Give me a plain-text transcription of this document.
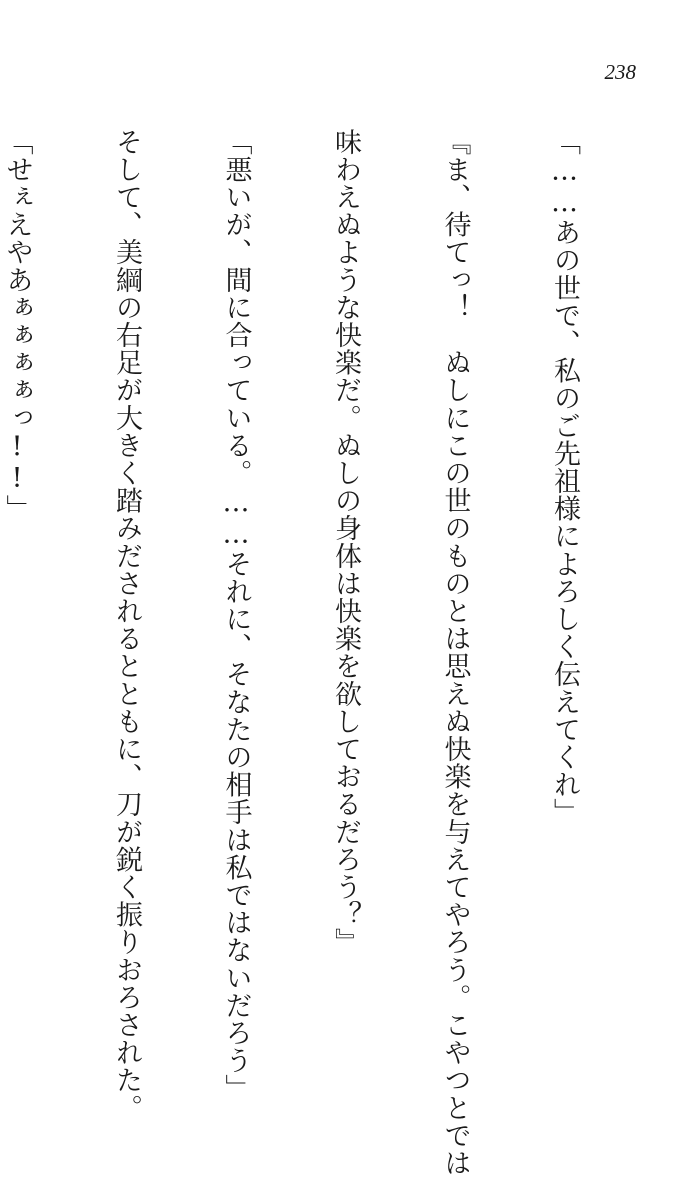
238

「……あの世で、私のご先祖様によろしく伝えてくれ」

『ま、待てっ！　ぬしにこの世のものとは思えぬ快楽を与えてやろう。こやつとでは

味わえぬような快楽だ。ぬしの身体は快楽を欲しておるだろう？』

「悪いが、間に合っている。……それに、そなたの相手は私ではないだろう」

そして、美綱の右足が大きく踏みだされるとともに、刀が鋭く振りおろされた。

「せぇえやあぁぁぁぁっ!!」
